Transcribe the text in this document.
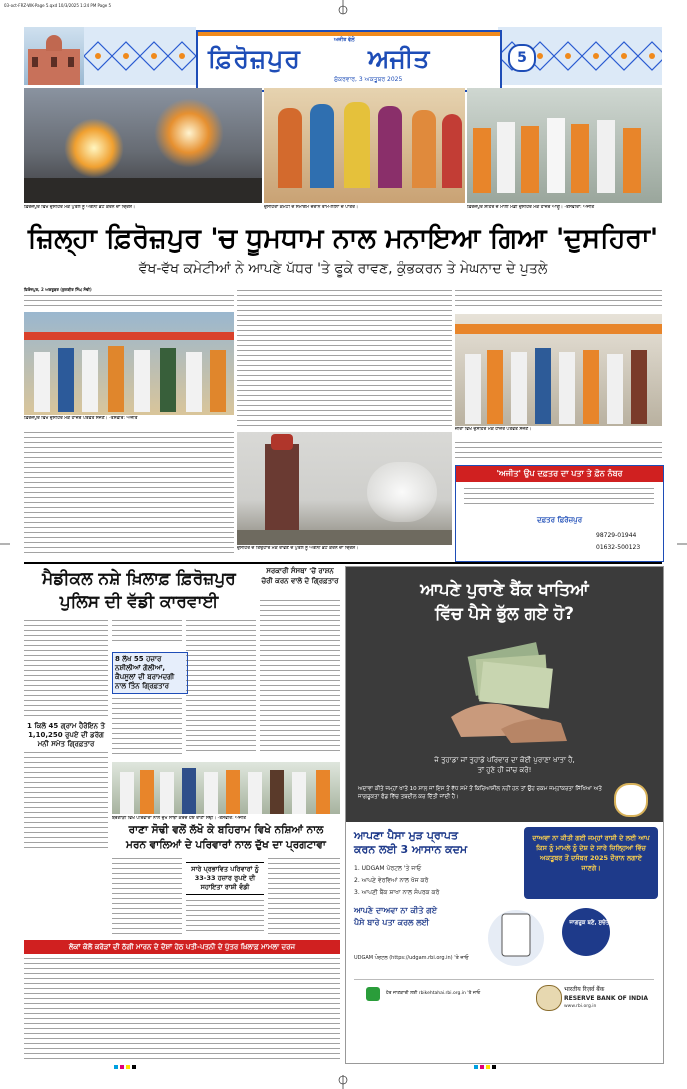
03-oct-FRZ-WK-Page 5.qxd 10/3/2025 1:24 PM Page 5
ਅਜੀਤ ਵੱਲੋਂ
ਫ਼ਿਰੋਜ਼ਪੁਰ	ਅਜੀਤ
ਸ਼ੁੱਕਰਵਾਰ, 3 ਅਕਤੂਬਰ 2025
5
ਫ਼ਿਰੋਜ਼ਪੁਰ ਵਿਖੇ ਦੁਸਹਿਰੇ ਮੌਕੇ ਪੁਤਲੇ ਨੂੰ ਅਗਨੀ ਭੇਟ ਕਰਨ ਦਾ ਦ੍ਰਿਸ਼।	ਦੁਸਹਿਰਾ ਕਮੇਟੀ ਦੇ ਸਮਾਗਮ ਦੌਰਾਨ ਰਾਮ-ਲੀਲਾ ਦੇ ਪਾਤਰ।	ਫ਼ਿਰੋਜ਼ਪੁਰ ਸ਼ਹਿਰ ਦੇ ਮਾਲੀ ਮੰਡੀ ਦੁਸਹਿਰੇ ਮੌਕੇ ਹਾਜ਼ਰ ਆਗੂ। -ਤਸਵੀਰਾਂ: ਅਜੀਤ
ਜ਼ਿਲ੍ਹਾ ਫ਼ਿਰੋਜ਼ਪੁਰ 'ਚ ਧੂਮਧਾਮ ਨਾਲ ਮਨਾਇਆ ਗਿਆ 'ਦੁਸਹਿਰਾ'
ਵੱਖ-ਵੱਖ ਕਮੇਟੀਆਂ ਨੇ ਆਪਣੇ ਪੱਧਰ 'ਤੇ ਫੂਕੇ ਰਾਵਣ, ਕੁੰਭਕਰਨ ਤੇ ਮੇਘਨਾਦ ਦੇ ਪੁਤਲੇ
ਫ਼ਿਰੋਜ਼ਪੁਰ, 2 ਅਕਤੂਬਰ (ਕੁਲਬੀਰ ਸਿੰਘ ਸੋਢੀ)
ਫ਼ਿਰੋਜ਼ਪੁਰ ਵਿਖੇ ਦੁਸਹਿਰੇ ਮੌਕੇ ਹਾਜ਼ਰ ਪਤਵੰਤੇ ਸੱਜਣ। -ਤਸਵੀਰ: ਅਜੀਤ
ਜ਼ੀਰਾ ਵਿਖੇ ਦੁਸਹਿਰੇ ਮੌਕੇ ਹਾਜ਼ਰ ਪਤਵੰਤੇ ਸੱਜਣ।
ਦੁਸਹਿਰੇ ਦੇ ਤਿਉਹਾਰ ਮੌਕੇ ਰਾਵਣ ਦੇ ਪੁਤਲੇ ਨੂੰ ਅਗਨੀ ਭੇਟ ਕਰਨ ਦਾ ਦ੍ਰਿਸ਼।
'ਅਜੀਤ' ਉਪ ਦਫ਼ਤਰ ਦਾ ਪਤਾ ਤੇ ਫ਼ੋਨ ਨੰਬਰ
ਦਫ਼ਤਰ ਫ਼ਿਰੋਜ਼ਪੁਰ
98729-01944
01632-500123
ਮੈਡੀਕਲ ਨਸ਼ੇ ਖ਼ਿਲਾਫ਼ ਫ਼ਿਰੋਜ਼ਪੁਰ
ਪੁਲਿਸ ਦੀ ਵੱਡੀ ਕਾਰਵਾਈ
8 ਲੱਖ 55 ਹਜ਼ਾਰ ਨਸ਼ੀਲੀਆਂ ਗੋਲੀਆਂ, ਕੈਪਸੂਲਾਂ ਦੀ ਬਰਾਮਦਗੀ ਨਾਲ ਤਿੰਨ ਗ੍ਰਿਫ਼ਤਾਰ
ਸਰਕਾਰੀ ਸੰਸਥਾ 'ਚੋਂ ਰਾਸ਼ਨ ਚੋਰੀ ਕਰਨ ਵਾਲੇ ਦੋ ਗ੍ਰਿਫ਼ਤਾਰ
1 ਕਿਲੋ 45 ਗ੍ਰਾਮ ਹੈਰੋਇਨ ਤੇ 1,10,250 ਰੁਪਏ ਦੀ ਡਰੱਗ ਮਨੀ ਸਮੇਤ ਗ੍ਰਿਫ਼ਤਾਰ
ਬਰਗਾੜੀ ਵਿਖੇ ਪਰਿਵਾਰਾਂ ਨਾਲ ਦੁੱਖ ਸਾਂਝਾ ਕਰਦੇ ਹੋਏ ਰਾਣਾ ਸੋਢੀ। -ਤਸਵੀਰ: ਅਜੀਤ
ਰਾਣਾ ਸੋਢੀ ਵਲੋਂ ਲੱਖੋ ਕੇ ਬਹਿਰਾਮ ਵਿਖੇ ਨਸ਼ਿਆਂ ਨਾਲ
ਮਰਨ ਵਾਲਿਆਂ ਦੇ ਪਰਿਵਾਰਾਂ ਨਾਲ ਦੁੱਖ ਦਾ ਪ੍ਰਗਟਾਵਾ
ਸਾਰੇ ਪ੍ਰਭਾਵਿਤ ਪਰਿਵਾਰਾਂ ਨੂੰ 33-33 ਹਜ਼ਾਰ ਰੁਪਏ ਦੀ ਸਹਾਇਤਾ ਰਾਸ਼ੀ ਵੰਡੀ
ਲੋਕਾਂ ਕੋਲੋਂ ਕਰੋੜਾਂ ਦੀ ਠੱਗੀ ਮਾਰਨ ਦੇ ਦੋਸ਼ਾਂ ਹੇਠ ਪਤੀ-ਪਤਨੀ ਦੇ ਪੁੱਤਰ ਖ਼ਿਲਾਫ਼ ਮਾਮਲਾ ਦਰਜ
ਆਪਣੇ ਪੁਰਾਣੇ ਬੈਂਕ ਖਾਤਿਆਂ
ਵਿੱਚ ਪੈਸੇ ਭੁੱਲ ਗਏ ਹੋ?
ਜੇ ਤੁਹਾਡਾ ਜਾਂ ਤੁਹਾਡੇ ਪਰਿਵਾਰ ਦਾ ਕੋਈ ਪੁਰਾਣਾ ਖਾਤਾ ਹੈ,
ਤਾਂ ਹੁਣੇ ਹੀ ਜਾਂਚ ਕਰੋ!
ਅਦਾਵਾ ਕੀਤੇ ਜਮ੍ਹਾਂ ਖਾਤੇ 10 ਸਾਲ ਜਾਂ ਇਸ ਤੋਂ ਵੱਧ ਸਮੇਂ ਤੋਂ ਕਿਰਿਆਸ਼ੀਲ ਨਹੀਂ ਹਨ ਤਾਂ ਉਹ ਰਕਮ ਜਮ੍ਹਾਂਕਰਤਾ ਸਿੱਖਿਆ ਅਤੇ ਜਾਗਰੂਕਤਾ ਫੰਡ ਵਿੱਚ ਤਬਦੀਲ ਕਰ ਦਿੱਤੀ ਜਾਂਦੀ ਹੈ।
ਆਪਣਾ ਪੈਸਾ ਮੁੜ ਪ੍ਰਾਪਤ
ਕਰਨ ਲਈ 3 ਆਸਾਨ ਕਦਮ
1. UDGAM ਪੋਰਟਲ 'ਤੇ ਜਾਓ
2. ਆਪਣੇ ਵੇਰਵਿਆਂ ਨਾਲ ਖੋਜ ਕਰੋ
3. ਆਪਣੀ ਬੈਂਕ ਸ਼ਾਖਾ ਨਾਲ ਸੰਪਰਕ ਕਰੋ
ਦਾਅਵਾ ਨਾ ਕੀਤੀ ਗਈ ਜਮ੍ਹਾਂ ਰਾਸ਼ੀ ਦੇ ਲਈ ਆਪ ਕਿਸ ਨੂੰ ਮਾਮਲੇ ਨੂੰ ਦੇਸ਼ ਦੇ ਸਾਰੇ ਜ਼ਿਲ੍ਹਿਆਂ ਵਿੱਚ ਅਕਤੂਬਰ ਤੋਂ ਦਸੰਬਰ 2025 ਦੌਰਾਨ ਲਗਾਏ ਜਾਣਗੇ।
ਜਾਗਰੂਕ ਬਣੋ, ਸੁਚੇਤ ਰਹੋ!
ਆਪਣੇ ਦਾਅਵਾ ਨਾ ਕੀਤੇ ਗਏ
ਪੈਸੇ ਬਾਰੇ ਪਤਾ ਕਰਲ ਲਈ
UDGAM ਪੋਰਟਲ (https://udgam.rbi.org.in) 'ਤੇ ਜਾਓ
ਹੋਰ ਜਾਣਕਾਰੀ ਲਈ rbikehtahai.rbi.org.in 'ਤੇ ਜਾਓ
भारतीय रिज़र्व बैंक
RESERVE BANK OF INDIA
www.rbi.org.in
